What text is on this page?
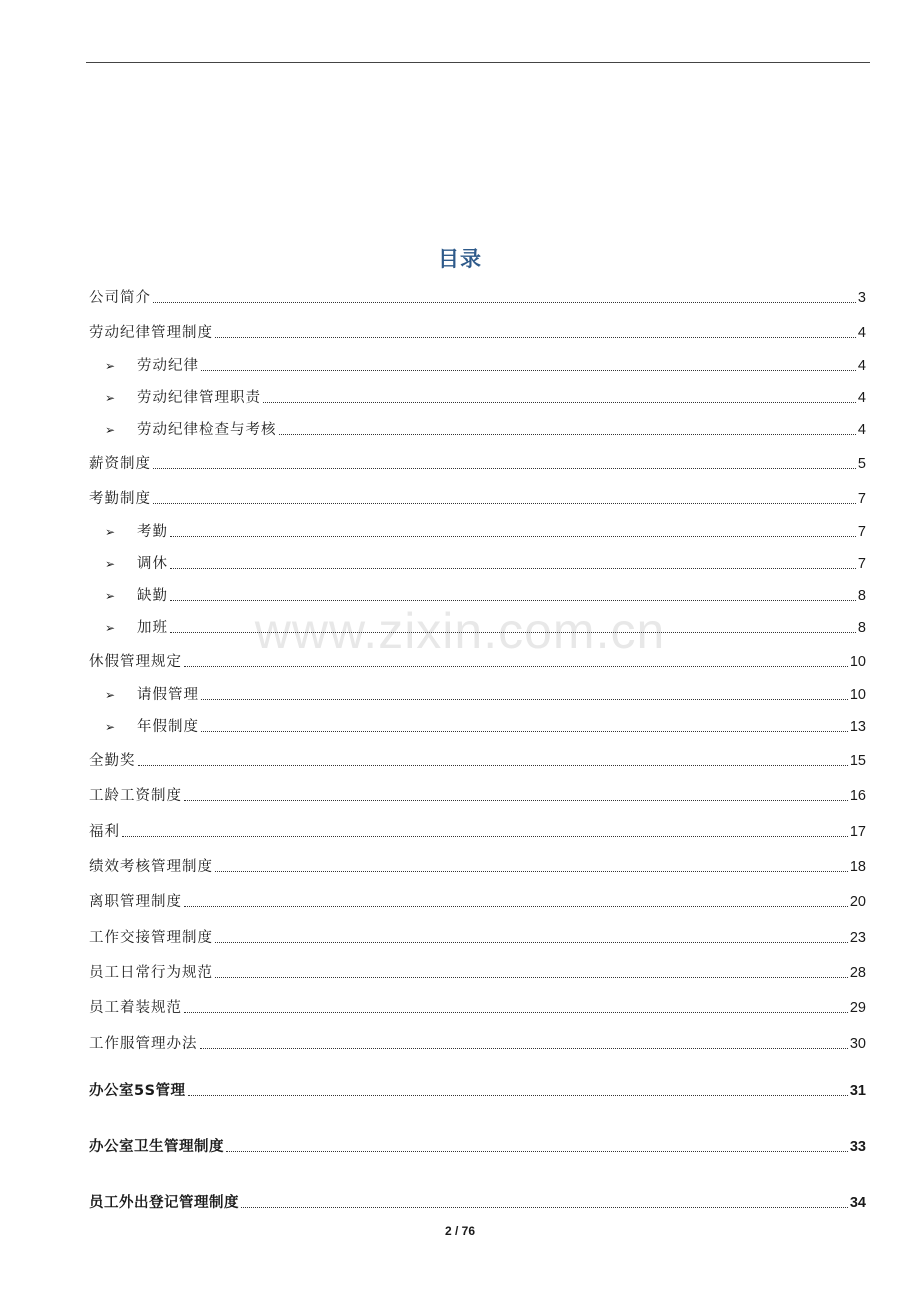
目录
www.zixin.com.cn
公司简介	3
劳动纪律管理制度	4
➢	劳动纪律	4
➢	劳动纪律管理职责	4
➢	劳动纪律检查与考核	4
薪资制度	5
考勤制度	7
➢	考勤	7
➢	调休	7
➢	缺勤	8
➢	加班	8
休假管理规定	10
➢	请假管理	10
➢	年假制度	13
全勤奖	15
工龄工资制度	16
福利	17
绩效考核管理制度	18
离职管理制度	20
工作交接管理制度	23
员工日常行为规范	28
员工着装规范	29
工作服管理办法	30
办公室5S管理	31
办公室卫生管理制度	33
员工外出登记管理制度	34
2 / 76
